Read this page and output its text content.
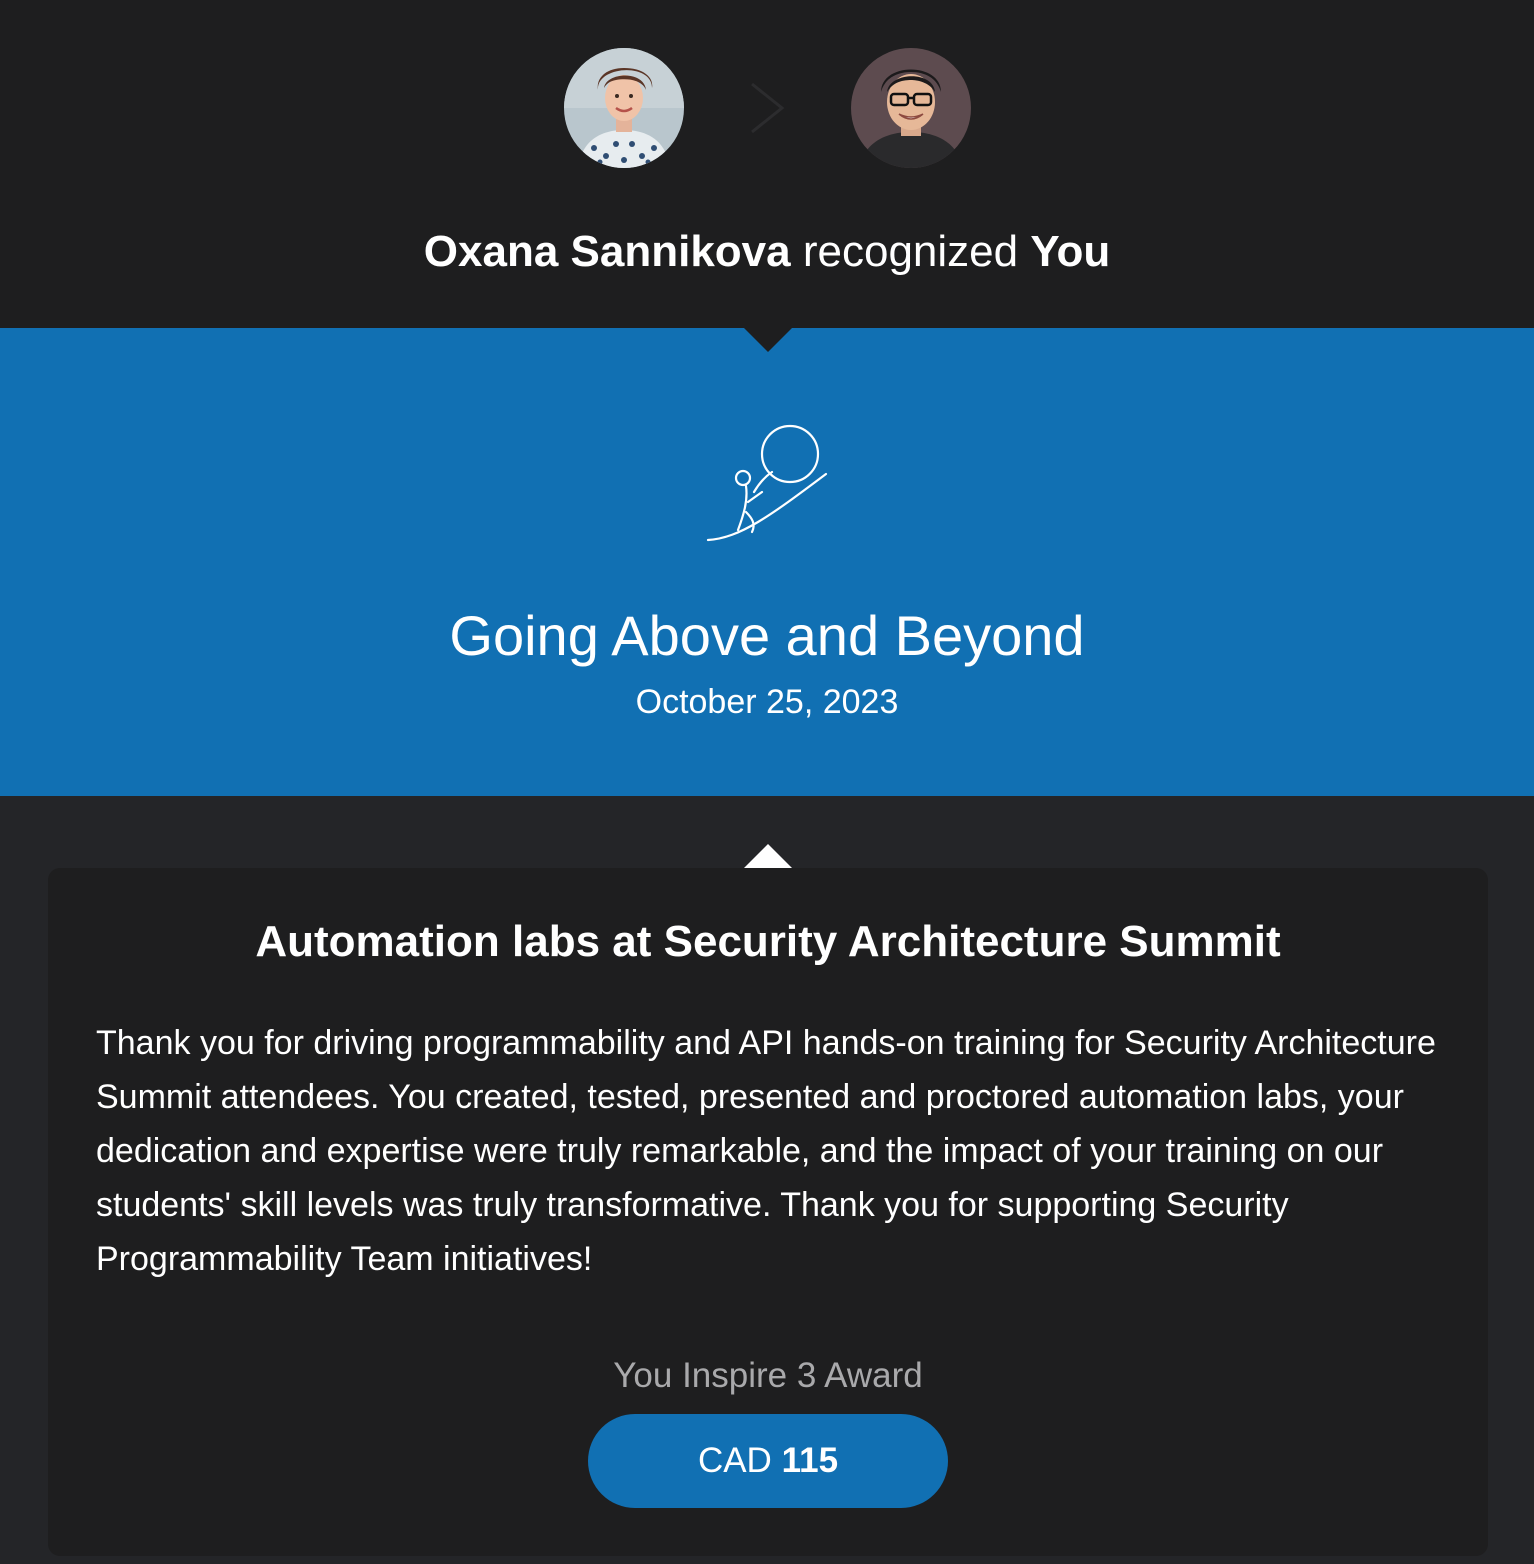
Oxana Sannikova recognized You
Going Above and Beyond
October 25, 2023
Automation labs at Security Architecture Summit

Thank you for driving programmability and API hands-on training for Security Architecture Summit attendees. You created, tested, presented and proctored automation labs, your dedication and expertise were truly remarkable, and the impact of your training on our students' skill levels was truly transformative. Thank you for supporting Security Programmability Team initiatives!

You Inspire 3 Award
CAD 115
